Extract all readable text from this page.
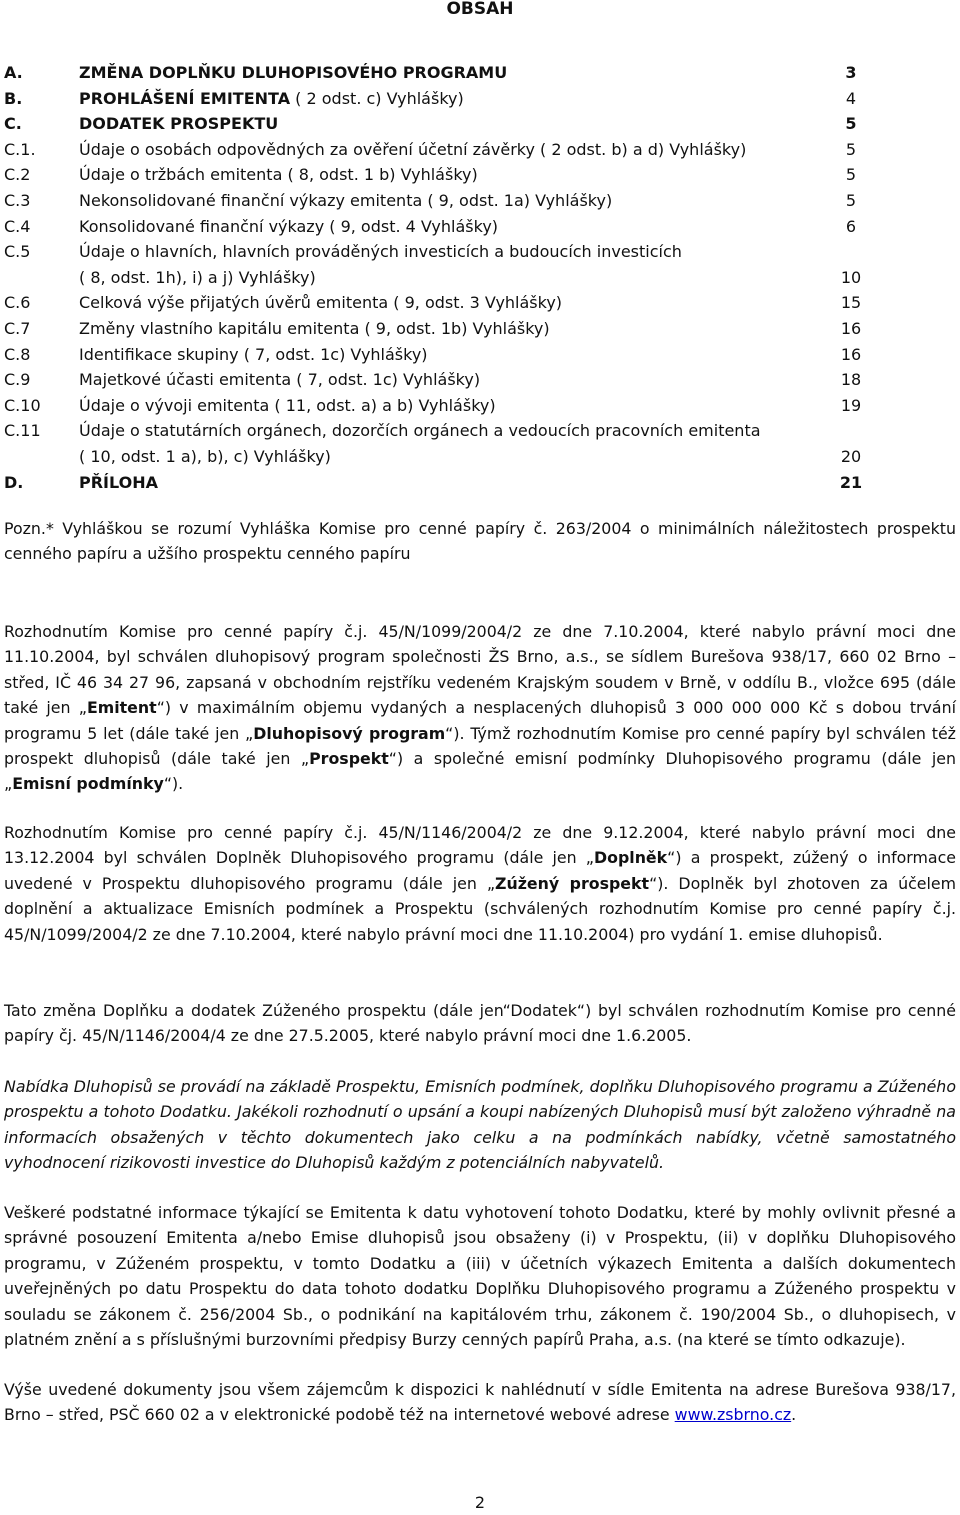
OBSAH
A.	ZMĚNA DOPLŇKU DLUHOPISOVÉHO PROGRAMU	3
B.	PROHLÁŠENÍ EMITENTA ( 2 odst. c) Vyhlášky)	4
C.	DODATEK PROSPEKTU	5
C.1.	Údaje o osobách odpovědných za ověření účetní závěrky ( 2 odst. b) a d) Vyhlášky)	5
C.2	Údaje o tržbách emitenta ( 8, odst. 1 b) Vyhlášky)	5
C.3	Nekonsolidované finanční výkazy emitenta ( 9, odst. 1a) Vyhlášky)	5
C.4	Konsolidované finanční výkazy ( 9, odst. 4 Vyhlášky)	6
C.5	Údaje o hlavních, hlavních prováděných investicích a budoucích investicích
( 8, odst. 1h), i) a j) Vyhlášky)	10
C.6	Celková výše přijatých úvěrů emitenta ( 9, odst. 3 Vyhlášky)	15
C.7	Změny vlastního kapitálu emitenta ( 9, odst. 1b) Vyhlášky)	16
C.8	Identifikace skupiny ( 7, odst. 1c) Vyhlášky)	16
C.9	Majetkové účasti emitenta ( 7, odst. 1c) Vyhlášky)	18
C.10 Údaje o vývoji emitenta ( 11, odst. a) a b) Vyhlášky)	19
C.11 Údaje o statutárních orgánech, dozorčích orgánech a vedoucích pracovních emitenta
( 10, odst. 1 a), b), c) Vyhlášky)	20
D.	PŘÍLOHA	21

Pozn.* Vyhláškou se rozumí Vyhláška Komise pro cenné papíry č. 263/2004 o minimálních náležitostech prospektu cenného papíru a užšího prospektu cenného papíru

Rozhodnutím Komise pro cenné papíry č.j. 45/N/1099/2004/2 ze dne 7.10.2004, které nabylo právní moci dne 11.10.2004, byl schválen dluhopisový program společnosti ŽS Brno, a.s., se sídlem Burešova 938/17, 660 02 Brno – střed, IČ 46 34 27 96, zapsaná v obchodním rejstříku vedeném Krajským soudem v Brně, v oddílu B., vložce 695 (dále také jen „Emitent“) v maximálním objemu vydaných a nesplacených dluhopisů 3 000 000 000 Kč s dobou trvání programu 5 let (dále také jen „Dluhopisový program“). Týmž rozhodnutím Komise pro cenné papíry byl schválen též prospekt dluhopisů (dále také jen „Prospekt“) a společné emisní podmínky Dluhopisového programu (dále jen „Emisní podmínky“).

Rozhodnutím Komise pro cenné papíry č.j. 45/N/1146/2004/2 ze dne 9.12.2004, které nabylo právní moci dne 13.12.2004 byl schválen Doplněk Dluhopisového programu (dále jen „Doplněk“) a prospekt, zúžený o informace uvedené v Prospektu dluhopisového programu (dále jen „Zúžený prospekt“). Doplněk byl zhotoven za účelem doplnění a aktualizace Emisních podmínek a Prospektu (schválených rozhodnutím Komise pro cenné papíry č.j. 45/N/1099/2004/2 ze dne 7.10.2004, které nabylo právní moci dne 11.10.2004) pro vydání 1. emise dluhopisů.

Tato změna Doplňku a dodatek Zúženého prospektu (dále jen“Dodatek“) byl schválen rozhodnutím Komise pro cenné papíry čj. 45/N/1146/2004/4 ze dne 27.5.2005, které nabylo právní moci dne 1.6.2005.

Nabídka Dluhopisů se provádí na základě Prospektu, Emisních podmínek, doplňku Dluhopisového programu a Zúženého prospektu a tohoto Dodatku. Jakékoli rozhodnutí o upsání a koupi nabízených Dluhopisů musí být založeno výhradně na informacích obsažených v těchto dokumentech jako celku a na podmínkách nabídky, včetně samostatného vyhodnocení rizikovosti investice do Dluhopisů každým z potenciálních nabyvatelů.

Veškeré podstatné informace týkající se Emitenta k datu vyhotovení tohoto Dodatku, které by mohly ovlivnit přesné a správné posouzení Emitenta a/nebo Emise dluhopisů jsou obsaženy (i) v Prospektu, (ii) v doplňku Dluhopisového programu, v Zúženém prospektu, v tomto Dodatku a (iii) v účetních výkazech Emitenta a dalších dokumentech uveřejněných po datu Prospektu do data tohoto dodatku Doplňku Dluhopisového programu a Zúženého prospektu v souladu se zákonem č. 256/2004 Sb., o podnikání na kapitálovém trhu, zákonem č. 190/2004 Sb., o dluhopisech, v platném znění a s příslušnými burzovními předpisy Burzy cenných papírů Praha, a.s. (na které se tímto odkazuje).

Výše uvedené dokumenty jsou všem zájemcům k dispozici k nahlédnutí v sídle Emitenta na adrese Burešova 938/17, Brno – střed, PSČ 660 02 a v elektronické podobě též na internetové webové adrese www.zsbrno.cz.

2
